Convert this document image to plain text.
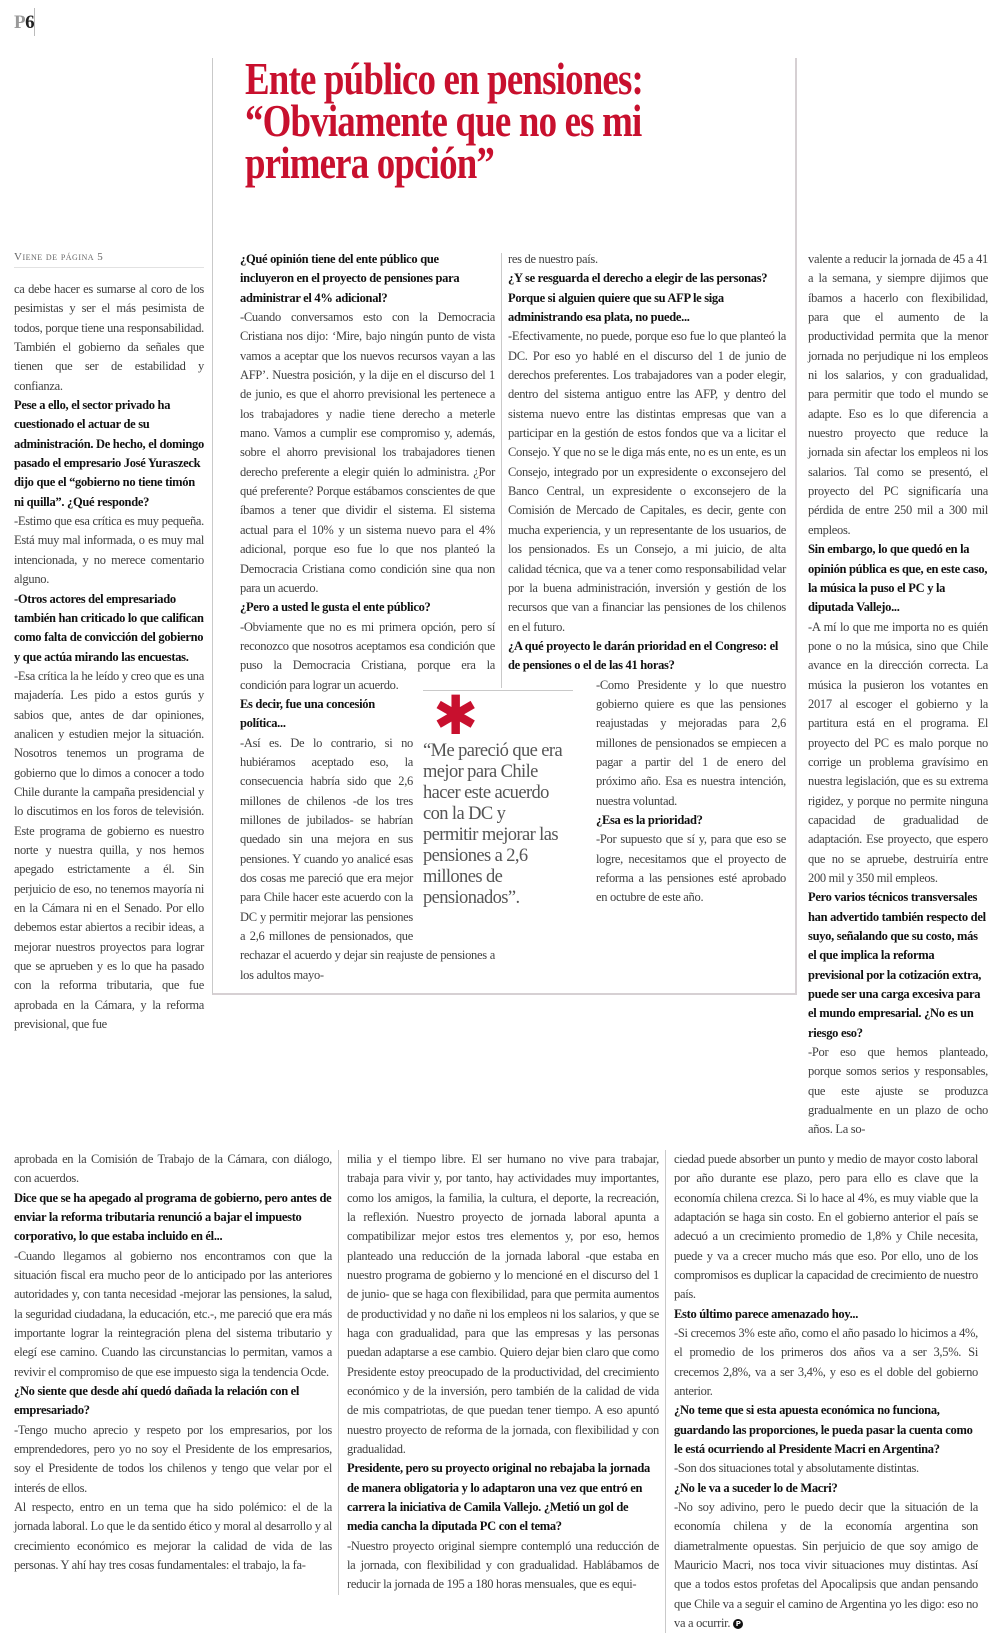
P6
Ente público en pensiones: “Obviamente que no es mi primera opción”
Viene de página 5

ca debe hacer es sumarse al coro de los pesimistas y ser el más pesimista de todos, porque tiene una responsabilidad. También el gobierno da señales que tienen que ser de estabilidad y confianza.

Pese a ello, el sector privado ha cuestionado el actuar de su administración. De hecho, el domingo pasado el empresario José Yuraszeck dijo que el “gobierno no tiene timón ni quilla”. ¿Qué responde?

-Estimo que esa crítica es muy pequeña. Está muy mal informada, o es muy mal intencionada, y no merece comentario alguno.

-Otros actores del empresariado también han criticado lo que califican como falta de convicción del gobierno y que actúa mirando las encuestas.

-Esa crítica la he leído y creo que es una majadería. Les pido a estos gurús y sabios que, antes de dar opiniones, analicen y estudien mejor la situación. Nosotros tenemos un programa de gobierno que lo dimos a conocer a todo Chile durante la campaña presidencial y lo discutimos en los foros de televisión. Este programa de gobierno es nuestro norte y nuestra quilla, y nos hemos apegado estrictamente a él. Sin perjuicio de eso, no tenemos mayoría ni en la Cámara ni en el Senado. Por ello debemos estar abiertos a recibir ideas, a mejorar nuestros proyectos para lograr que se aprueben y es lo que ha pasado con la reforma tributaria, que fue aprobada en la Cámara, y la reforma previsional, que fue

✱
“Me pareció que era mejor para Chile hacer este acuerdo con la DC y permitir mejorar las pensiones a 2,6 millones de pensionados”.

¿Qué opinión tiene del ente público que incluyeron en el proyecto de pensiones para administrar el 4% adicional?

-Cuando conversamos esto con la Democracia Cristiana nos dijo: ‘Mire, bajo ningún punto de vista vamos a aceptar que los nuevos recursos vayan a las AFP’. Nuestra posición, y la dije en el discurso del 1 de junio, es que el ahorro previsional les pertenece a los trabajadores y nadie tiene derecho a meterle mano. Vamos a cumplir ese compromiso y, además, sobre el ahorro previsional los trabajadores tienen derecho preferente a elegir quién lo administra. ¿Por qué preferente? Porque estábamos conscientes de que íbamos a tener que dividir el sistema. El sistema actual para el 10% y un sistema nuevo para el 4% adicional, porque eso fue lo que nos planteó la Democracia Cristiana como condición sine qua non para un acuerdo.

¿Pero a usted le gusta el ente público?

-Obviamente que no es mi primera opción, pero sí reconozco que nosotros aceptamos esa condición que puso la Democracia Cristiana, porque era la condición para lograr un acuerdo.

Es decir, fue una concesión política...

-Así es. De lo contrario, si no hubiéramos aceptado eso, la consecuencia habría sido que 2,6 millones de chilenos -de los tres millones de jubilados- se habrían quedado sin una mejora en sus pensiones. Y cuando yo analicé esas dos cosas me pareció que era mejor para Chile hacer este acuerdo con la DC y permitir mejorar las pensiones a 2,6 millones de pensionados, que rechazar el acuerdo y dejar sin reajuste de pensiones a los adultos mayo-

res de nuestro país.

¿Y se resguarda el derecho a elegir de las personas? Porque si alguien quiere que su AFP le siga administrando esa plata, no puede...

-Efectivamente, no puede, porque eso fue lo que planteó la DC. Por eso yo hablé en el discurso del 1 de junio de derechos preferentes. Los trabajadores van a poder elegir, dentro del sistema antiguo entre las AFP, y dentro del sistema nuevo entre las distintas empresas que van a participar en la gestión de estos fondos que va a licitar el Consejo. Y que no se le diga más ente, no es un ente, es un Consejo, integrado por un expresidente o exconsejero del Banco Central, un expresidente o exconsejero de la Comisión de Mercado de Capitales, es decir, gente con mucha experiencia, y un representante de los usuarios, de los pensionados. Es un Consejo, a mi juicio, de alta calidad técnica, que va a tener como responsabilidad velar por la buena administración, inversión y gestión de los recursos que van a financiar las pensiones de los chilenos en el futuro.

¿A qué proyecto le darán prioridad en el Congreso: el de pensiones o el de las 41 horas?

-Como Presidente y lo que nuestro gobierno quiere es que las pensiones reajustadas y mejoradas para 2,6 millones de pensionados se empiecen a pagar a partir del 1 de enero del próximo año. Esa es nuestra intención, nuestra voluntad.

¿Esa es la prioridad?

-Por supuesto que sí y, para que eso se logre, necesitamos que el proyecto de reforma a las pensiones esté aprobado en octubre de este año.

valente a reducir la jornada de 45 a 41 a la semana, y siempre dijimos que íbamos a hacerlo con flexibilidad, para que el aumento de la productividad permita que la menor jornada no perjudique ni los empleos ni los salarios, y con gradualidad, para permitir que todo el mundo se adapte. Eso es lo que diferencia a nuestro proyecto que reduce la jornada sin afectar los empleos ni los salarios. Tal como se presentó, el proyecto del PC significaría una pérdida de entre 250 mil a 300 mil empleos.

Sin embargo, lo que quedó en la opinión pública es que, en este caso, la música la puso el PC y la diputada Vallejo...

-A mí lo que me importa no es quién pone o no la música, sino que Chile avance en la dirección correcta. La música la pusieron los votantes en 2017 al escoger el gobierno y la partitura está en el programa. El proyecto del PC es malo porque no corrige un problema gravísimo en nuestra legislación, que es su extrema rigidez, y porque no permite ninguna capacidad de gradualidad de adaptación. Ese proyecto, que espero que no se apruebe, destruiría entre 200 mil y 350 mil empleos.

Pero varios técnicos transversales han advertido también respecto del suyo, señalando que su costo, más el que implica la reforma previsional por la cotización extra, puede ser una carga excesiva para el mundo empresarial. ¿No es un riesgo eso?

-Por eso que hemos planteado, porque somos serios y responsables, que este ajuste se produzca gradualmente en un plazo de ocho años. La so-

aprobada en la Comisión de Trabajo de la Cámara, con diálogo, con acuerdos.

Dice que se ha apegado al programa de gobierno, pero antes de enviar la reforma tributaria renunció a bajar el impuesto corporativo, lo que estaba incluido en él...

-Cuando llegamos al gobierno nos encontramos con que la situación fiscal era mucho peor de lo anticipado por las anteriores autoridades y, con tanta necesidad -mejorar las pensiones, la salud, la seguridad ciudadana, la educación, etc.-, me pareció que era más importante lograr la reintegración plena del sistema tributario y elegí ese camino. Cuando las circunstancias lo permitan, vamos a revivir el compromiso de que ese impuesto siga la tendencia Ocde.

¿No siente que desde ahí quedó dañada la relación con el empresariado?

-Tengo mucho aprecio y respeto por los empresarios, por los emprendedores, pero yo no soy el Presidente de los empresarios, soy el Presidente de todos los chilenos y tengo que velar por el interés de ellos.

Al respecto, entro en un tema que ha sido polémico: el de la jornada laboral. Lo que le da sentido ético y moral al desarrollo y al crecimiento económico es mejorar la calidad de vida de las personas. Y ahí hay tres cosas fundamentales: el trabajo, la fa-

milia y el tiempo libre. El ser humano no vive para trabajar, trabaja para vivir y, por tanto, hay actividades muy importantes, como los amigos, la familia, la cultura, el deporte, la recreación, la reflexión. Nuestro proyecto de jornada laboral apunta a compatibilizar mejor estos tres elementos y, por eso, hemos planteado una reducción de la jornada laboral -que estaba en nuestro programa de gobierno y lo mencioné en el discurso del 1 de junio- que se haga con flexibilidad, para que permita aumentos de productividad y no dañe ni los empleos ni los salarios, y que se haga con gradualidad, para que las empresas y las personas puedan adaptarse a ese cambio. Quiero dejar bien claro que como Presidente estoy preocupado de la productividad, del crecimiento económico y de la inversión, pero también de la calidad de vida de mis compatriotas, de que puedan tener tiempo. A eso apuntó nuestro proyecto de reforma de la jornada, con flexibilidad y con gradualidad.

Presidente, pero su proyecto original no rebajaba la jornada de manera obligatoria y lo adaptaron una vez que entró en carrera la iniciativa de Camila Vallejo. ¿Metió un gol de media cancha la diputada PC con el tema?

-Nuestro proyecto original siempre contempló una reducción de la jornada, con flexibilidad y con gradualidad. Hablábamos de reducir la jornada de 195 a 180 horas mensuales, que es equi-

ciedad puede absorber un punto y medio de mayor costo laboral por año durante ese plazo, pero para ello es clave que la economía chilena crezca. Si lo hace al 4%, es muy viable que la adaptación se haga sin costo. En el gobierno anterior el país se adecuó a un crecimiento promedio de 1,8% y Chile necesita, puede y va a crecer mucho más que eso. Por ello, uno de los compromisos es duplicar la capacidad de crecimiento de nuestro país.

Esto último parece amenazado hoy...

-Si crecemos 3% este año, como el año pasado lo hicimos a 4%, el promedio de los primeros dos años va a ser 3,5%. Si crecemos 2,8%, va a ser 3,4%, y eso es el doble del gobierno anterior.

¿No teme que si esta apuesta económica no funciona, guardando las proporciones, le pueda pasar la cuenta como le está ocurriendo al Presidente Macri en Argentina?

-Son dos situaciones total y absolutamente distintas.

¿No le va a suceder lo de Macri?

-No soy adivino, pero le puedo decir que la situación de la economía chilena y de la economía argentina son diametralmente opuestas. Sin perjuicio de que soy amigo de Mauricio Macri, nos toca vivir situaciones muy distintas. Así que a todos estos profetas del Apocalipsis que andan pensando que Chile va a seguir el camino de Argentina yo les digo: eso no va a ocurrir. P
